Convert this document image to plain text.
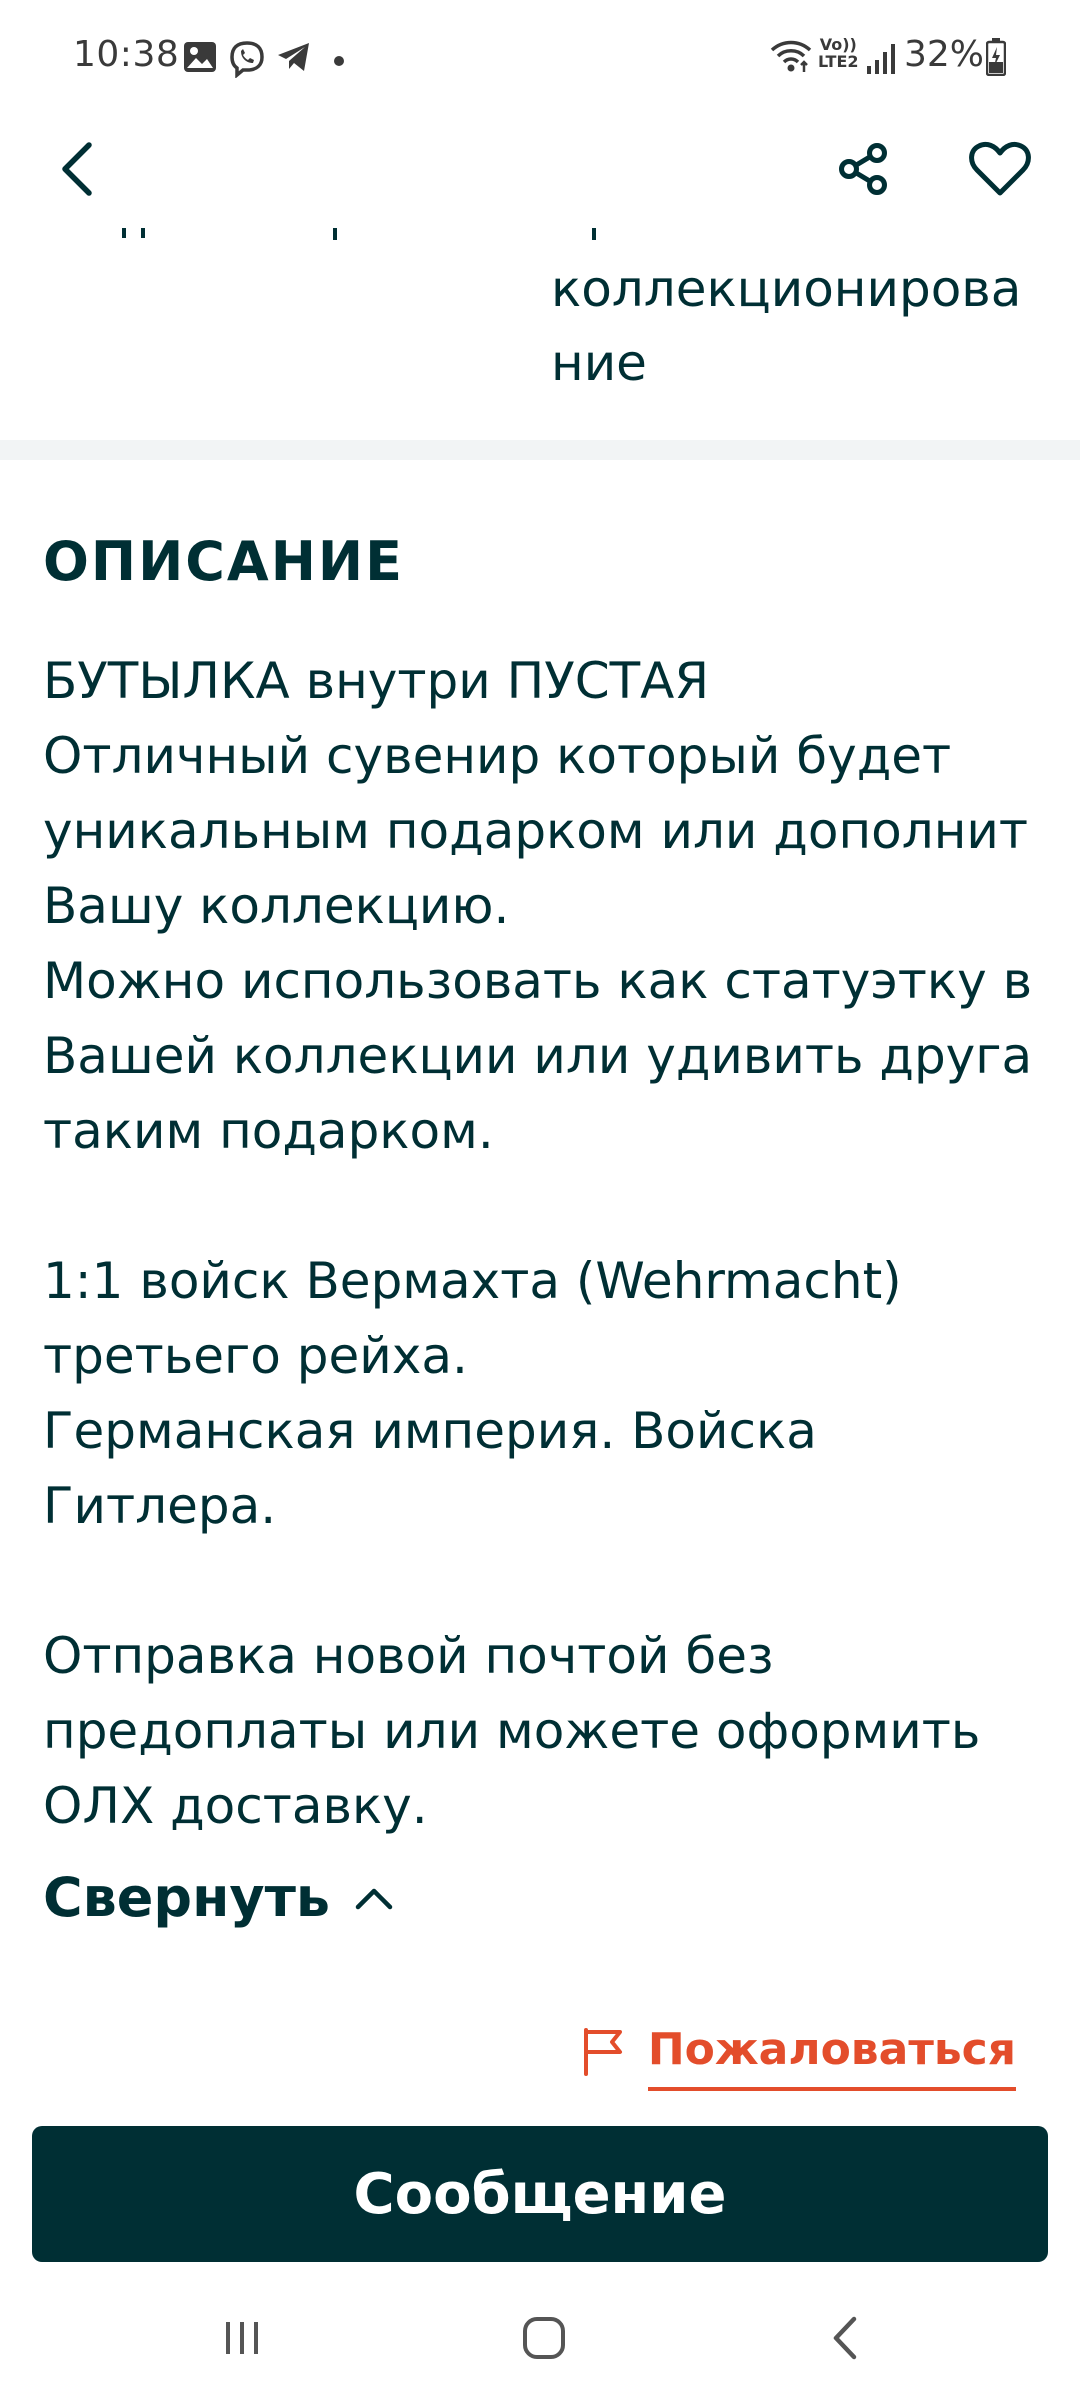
10:38	Vo))
LTE2 32%
коллекционирова
ние
ОПИСАНИЕ
БУТЫЛКА внутри ПУСТАЯ
Отличный сувенир который будет уникальным подарком или дополнит Вашу коллекцию.
Можно использовать как статуэтку в Вашей коллекции или удивить друга таким подарком.

1:1 войск Вермахта (Wehrmacht) третьего рейха.
Германская империя. Войска Гитлера.

Отправка новой почтой без предоплаты или можете оформить ОЛХ доставку.
Свернуть
Пожаловаться
Сообщение
